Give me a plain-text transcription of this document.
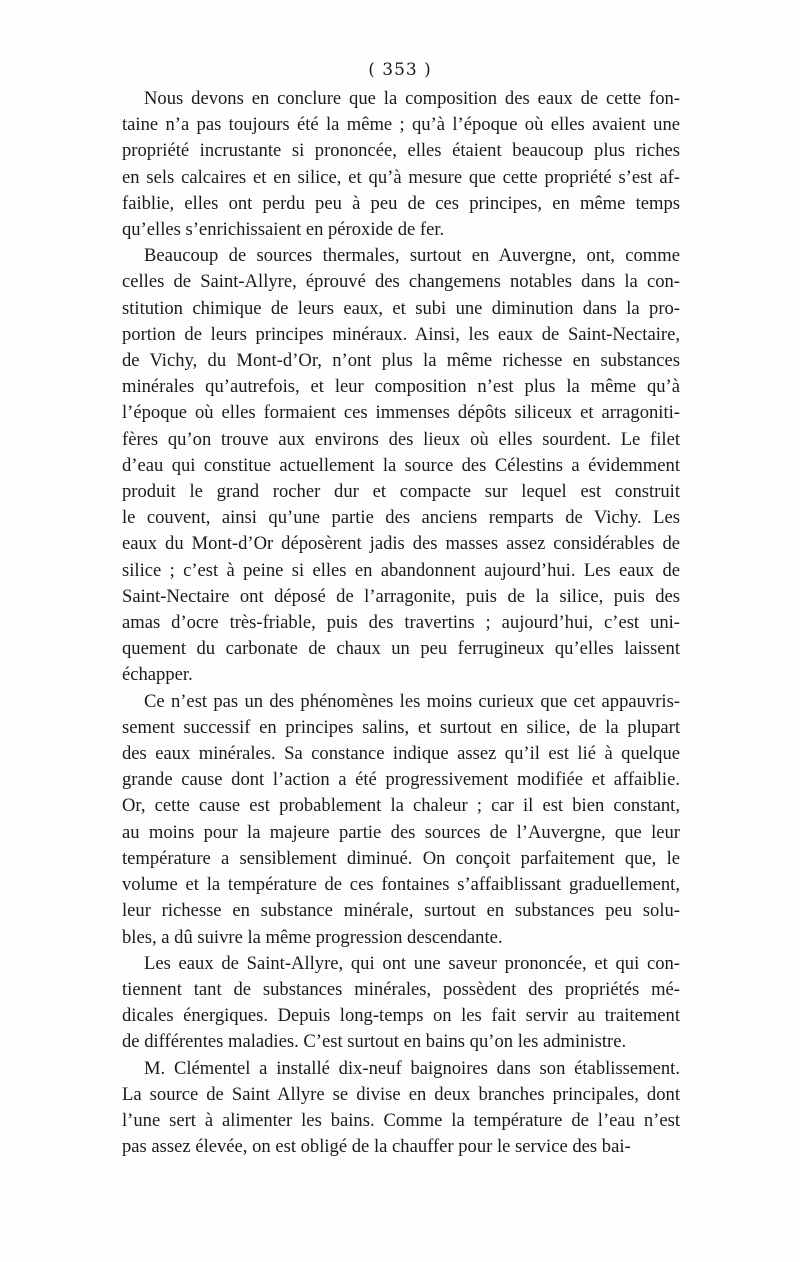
( 353 )
Nous devons en conclure que la composition des eaux de cette fon-
taine n’a pas toujours été la même ; qu’à l’époque où elles avaient une
propriété incrustante si prononcée, elles étaient beaucoup plus riches
en sels calcaires et en silice, et qu’à mesure que cette propriété s’est af-
faiblie, elles ont perdu peu à peu de ces principes, en même temps
qu’elles s’enrichissaient en péroxide de fer.
Beaucoup de sources thermales, surtout en Auvergne, ont, comme
celles de Saint-Allyre, éprouvé des changemens notables dans la con-
stitution chimique de leurs eaux, et subi une diminution dans la pro-
portion de leurs principes minéraux. Ainsi, les eaux de Saint-Nectaire,
de Vichy, du Mont-d’Or, n’ont plus la même richesse en substances
minérales qu’autrefois, et leur composition n’est plus la même qu’à
l’époque où elles formaient ces immenses dépôts siliceux et arragoniti-
fères qu’on trouve aux environs des lieux où elles sourdent. Le filet
d’eau qui constitue actuellement la source des Célestins a évidemment
produit le grand rocher dur et compacte sur lequel est construit
le couvent, ainsi qu’une partie des anciens remparts de Vichy. Les
eaux du Mont-d’Or déposèrent jadis des masses assez considérables de
silice ; c’est à peine si elles en abandonnent aujourd’hui. Les eaux de
Saint-Nectaire ont déposé de l’arragonite, puis de la silice, puis des
amas d’ocre très-friable, puis des travertins ; aujourd’hui, c’est uni-
quement du carbonate de chaux un peu ferrugineux qu’elles laissent
échapper.
Ce n’est pas un des phénomènes les moins curieux que cet appauvris-
sement successif en principes salins, et surtout en silice, de la plupart
des eaux minérales. Sa constance indique assez qu’il est lié à quelque
grande cause dont l’action a été progressivement modifiée et affaiblie.
Or, cette cause est probablement la chaleur ; car il est bien constant,
au moins pour la majeure partie des sources de l’Auvergne, que leur
température a sensiblement diminué. On conçoit parfaitement que, le
volume et la température de ces fontaines s’affaiblissant graduellement,
leur richesse en substance minérale, surtout en substances peu solu-
bles, a dû suivre la même progression descendante.
Les eaux de Saint-Allyre, qui ont une saveur prononcée, et qui con-
tiennent tant de substances minérales, possèdent des propriétés mé-
dicales énergiques. Depuis long-temps on les fait servir au traitement
de différentes maladies. C’est surtout en bains qu’on les administre.
M. Clémentel a installé dix-neuf baignoires dans son établissement.
La source de Saint Allyre se divise en deux branches principales, dont
l’une sert à alimenter les bains. Comme la température de l’eau n’est
pas assez élevée, on est obligé de la chauffer pour le service des bai-
